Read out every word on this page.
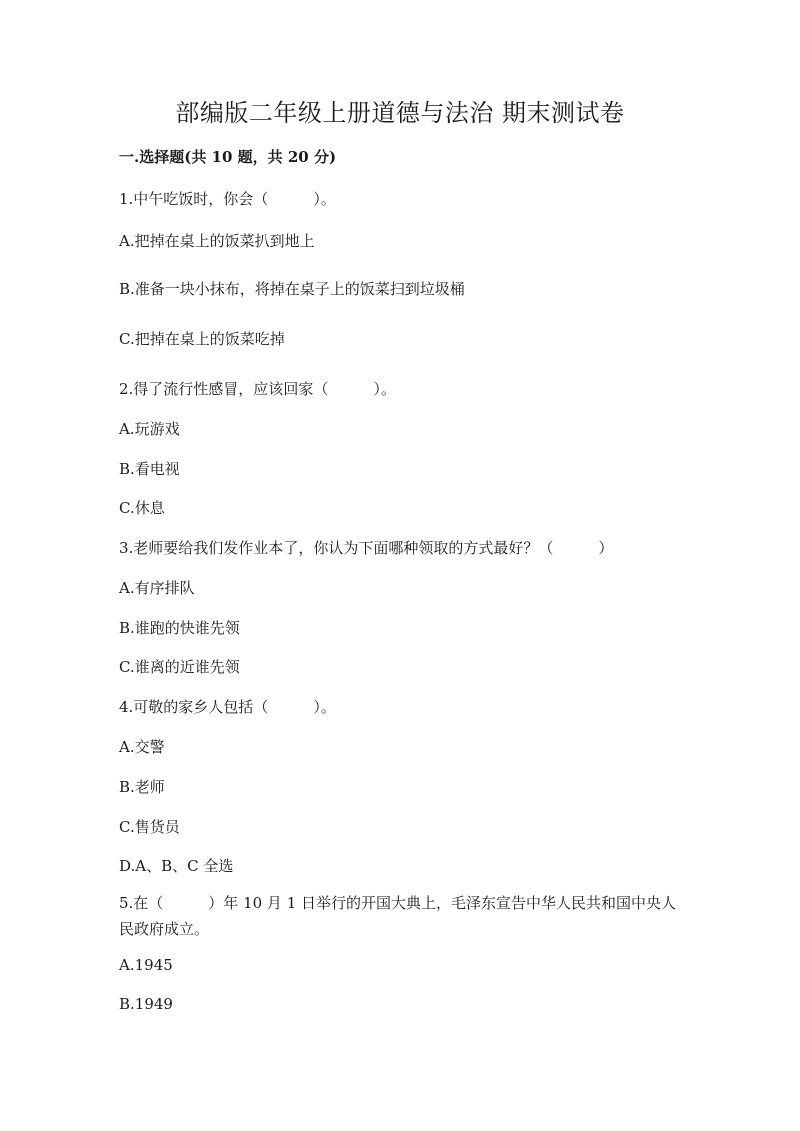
部编版二年级上册道德与法治 期末测试卷
一.选择题(共 10 题，共 20 分)
1.中午吃饭时，你会（　　　）。
A.把掉在桌上的饭菜扒到地上
B.准备一块小抹布，将掉在桌子上的饭菜扫到垃圾桶
C.把掉在桌上的饭菜吃掉
2.得了流行性感冒，应该回家（　　　）。
A.玩游戏
B.看电视
C.休息
3.老师要给我们发作业本了，你认为下面哪种领取的方式最好？（　　　）
A.有序排队
B.谁跑的快谁先领
C.谁离的近谁先领
4.可敬的家乡人包括（　　　）。
A.交警
B.老师
C.售货员
D.A、B、C 全选
5.在（　　　）年 10 月 1 日举行的开国大典上，毛泽东宣告中华人民共和国中央人民政府成立。
A.1945
B.1949
